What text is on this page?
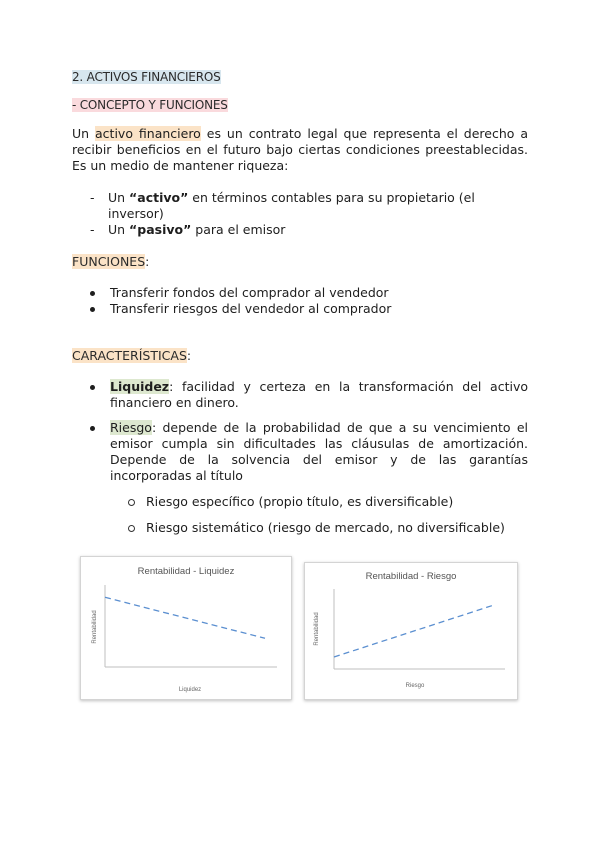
2. ACTIVOS FINANCIEROS
- CONCEPTO Y FUNCIONES
Un activo financiero es un contrato legal que representa el derecho a recibir beneficios en el futuro bajo ciertas condiciones preestablecidas. Es un medio de mantener riqueza:
- Un “activo” en términos contables para su propietario (el inversor)
- Un “pasivo” para el emisor
FUNCIONES:
Transferir fondos del comprador al vendedor
Transferir riesgos del vendedor al comprador
CARACTERÍSTICAS:
Liquidez: facilidad y certeza en la transformación del activo financiero en dinero.
Riesgo: depende de la probabilidad de que a su vencimiento el emisor cumpla sin dificultades las cláusulas de amortización. Depende de la solvencia del emisor y de las garantías incorporadas al título
Riesgo específico (propio título, es diversificable)
Riesgo sistemático (riesgo de mercado, no diversificable)
Rentabilidad - Liquidez
Liquidez
Rentabilidad
Rentabilidad - Riesgo
Riesgo
Rentabilidad
